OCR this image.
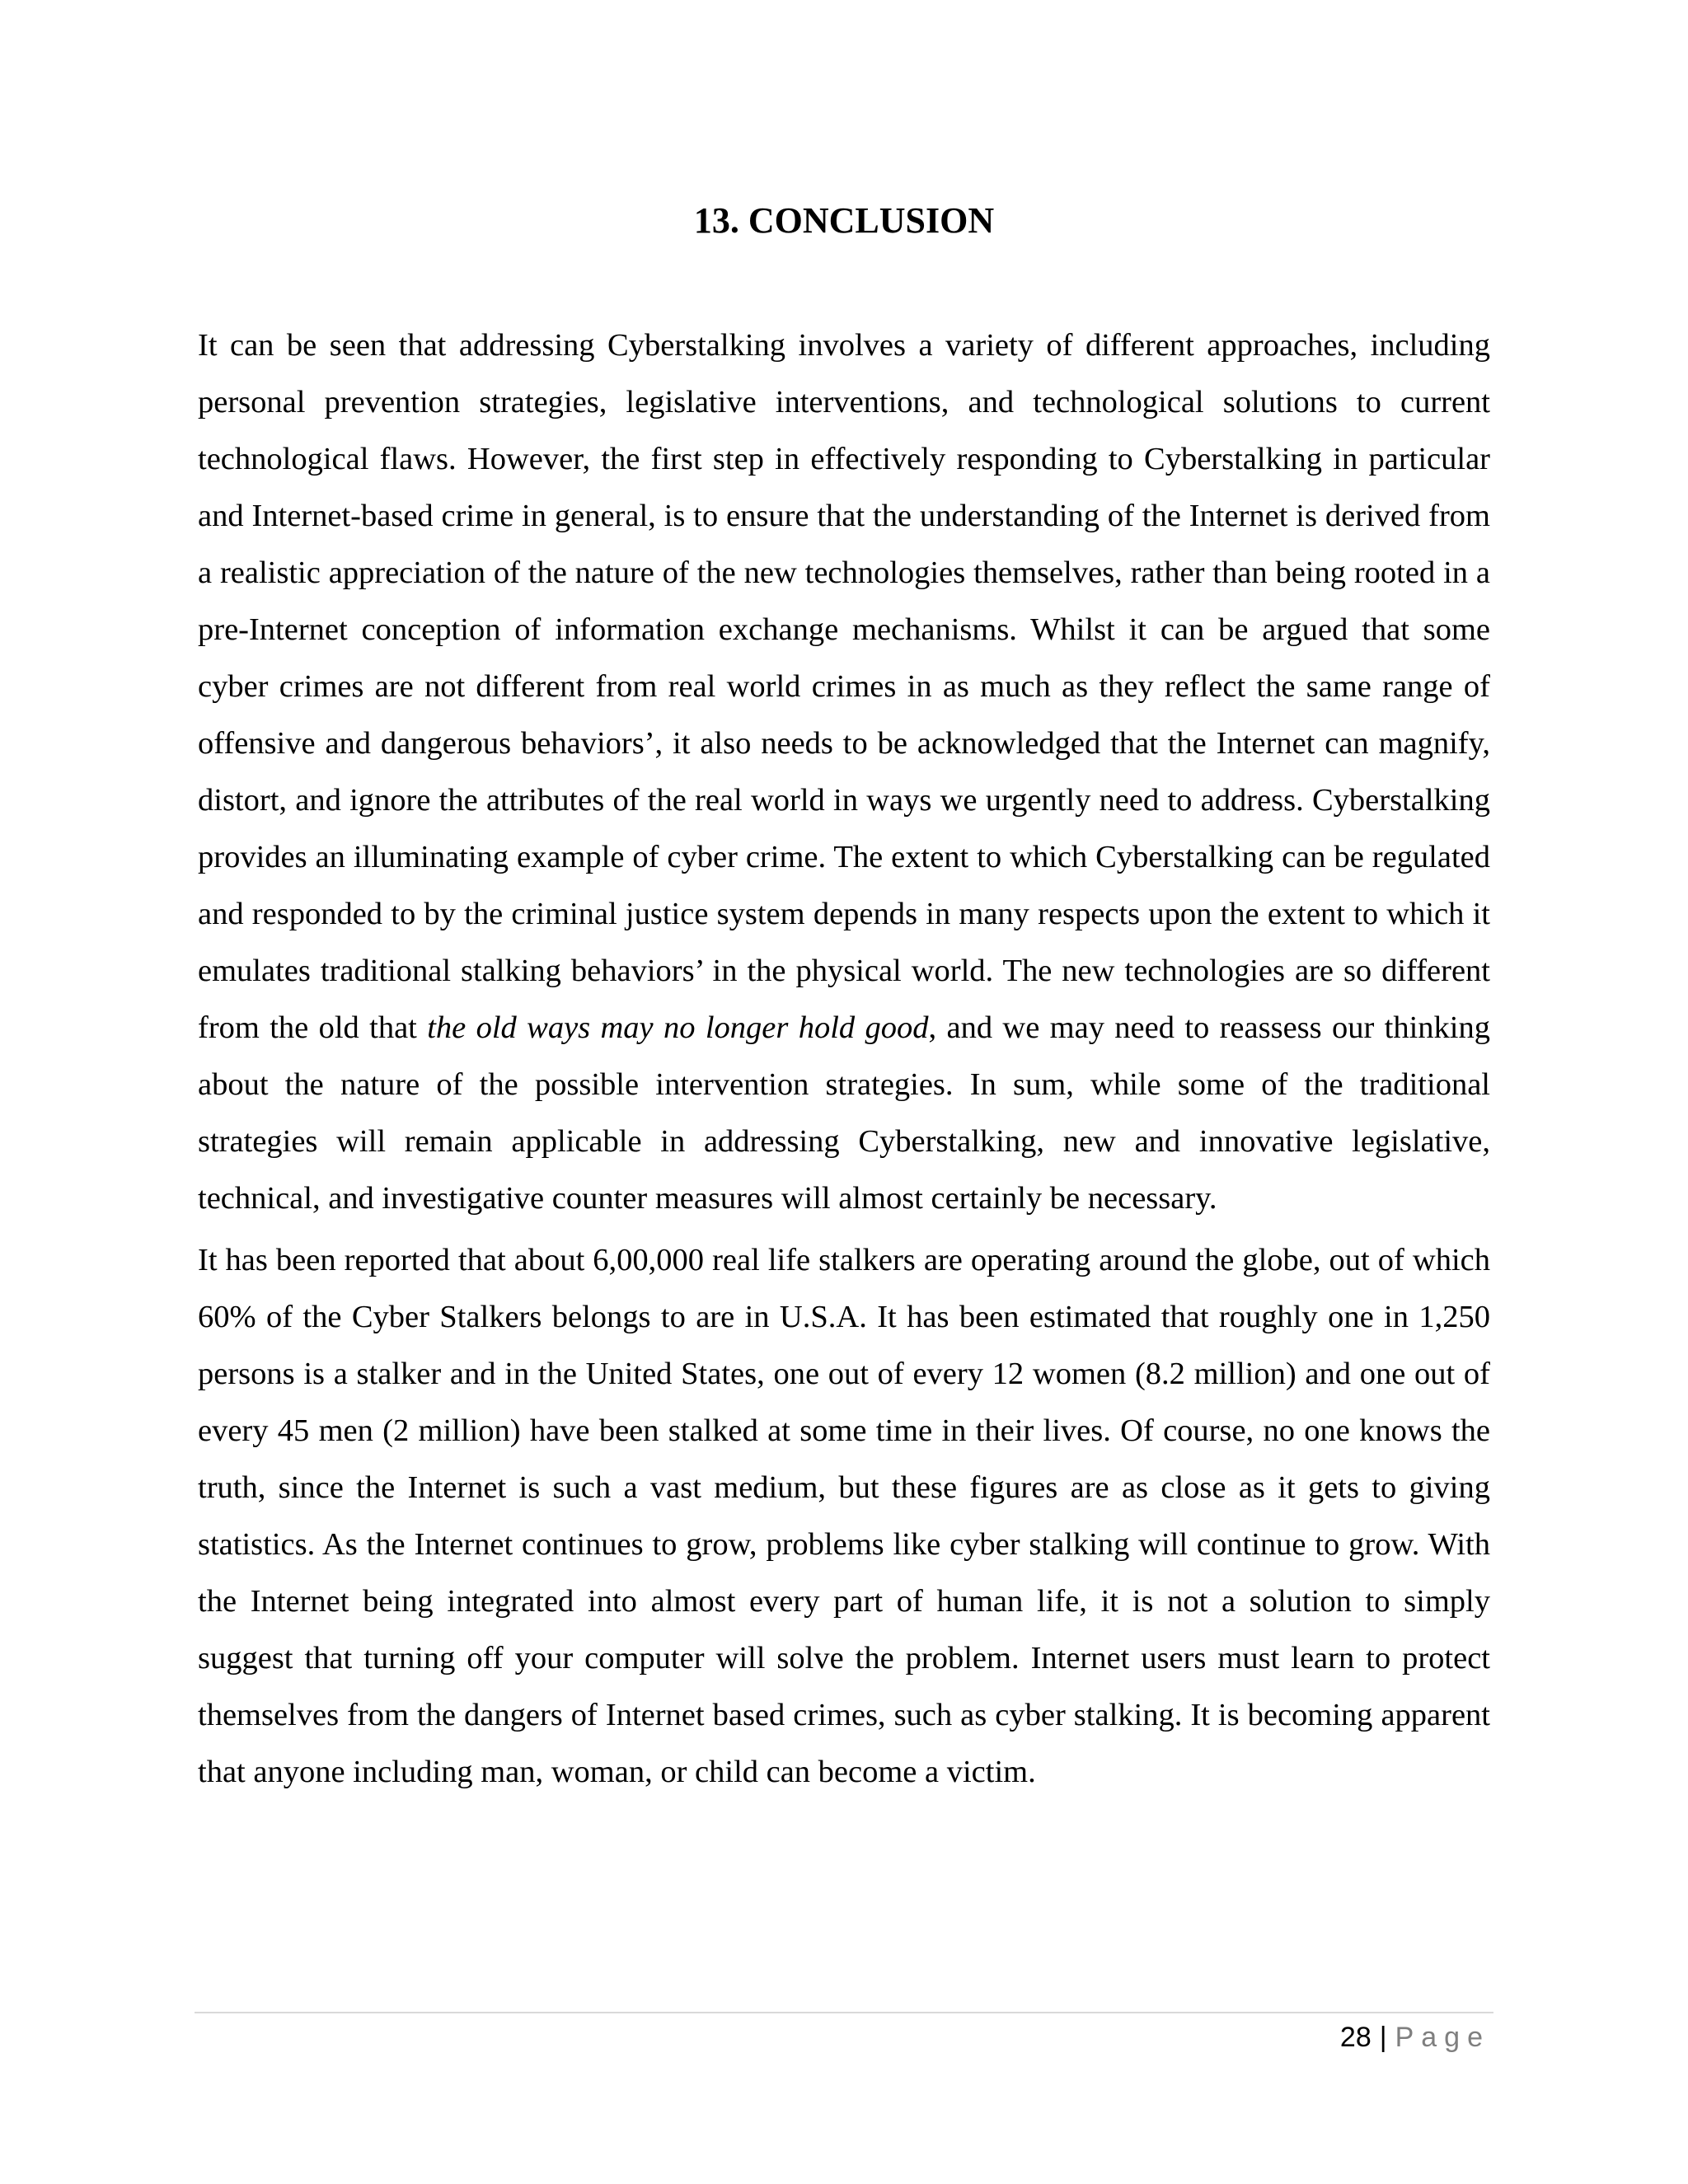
13. CONCLUSION

It can be seen that addressing Cyberstalking involves a variety of different approaches, including personal prevention strategies, legislative interventions, and technological solutions to current technological flaws. However, the first step in effectively responding to Cyberstalking in particular and Internet-based crime in general, is to ensure that the understanding of the Internet is derived from a realistic appreciation of the nature of the new technologies themselves, rather than being rooted in a pre-Internet conception of information exchange mechanisms. Whilst it can be argued that some cyber crimes are not different from real world crimes in as much as they reflect the same range of offensive and dangerous behaviors’, it also needs to be acknowledged that the Internet can magnify, distort, and ignore the attributes of the real world in ways we urgently need to address. Cyberstalking provides an illuminating example of cyber crime. The extent to which Cyberstalking can be regulated and responded to by the criminal justice system depends in many respects upon the extent to which it emulates traditional stalking behaviors’ in the physical world. The new technologies are so different from the old that the old ways may no longer hold good, and we may need to reassess our thinking about the nature of the possible intervention strategies. In sum, while some of the traditional strategies will remain applicable in addressing Cyberstalking, new and innovative legislative, technical, and investigative counter measures will almost certainly be necessary.

It has been reported that about 6,00,000 real life stalkers are operating around the globe, out of which 60% of the Cyber Stalkers belongs to are in U.S.A. It has been estimated that roughly one in 1,250 persons is a stalker and in the United States, one out of every 12 women (8.2 million) and one out of every 45 men (2 million) have been stalked at some time in their lives. Of course, no one knows the truth, since the Internet is such a vast medium, but these figures are as close as it gets to giving statistics. As the Internet continues to grow, problems like cyber stalking will continue to grow. With the Internet being integrated into almost every part of human life, it is not a solution to simply suggest that turning off your computer will solve the problem. Internet users must learn to protect themselves from the dangers of Internet based crimes, such as cyber stalking. It is becoming apparent that anyone including man, woman, or child can become a victim.

28 | Page
